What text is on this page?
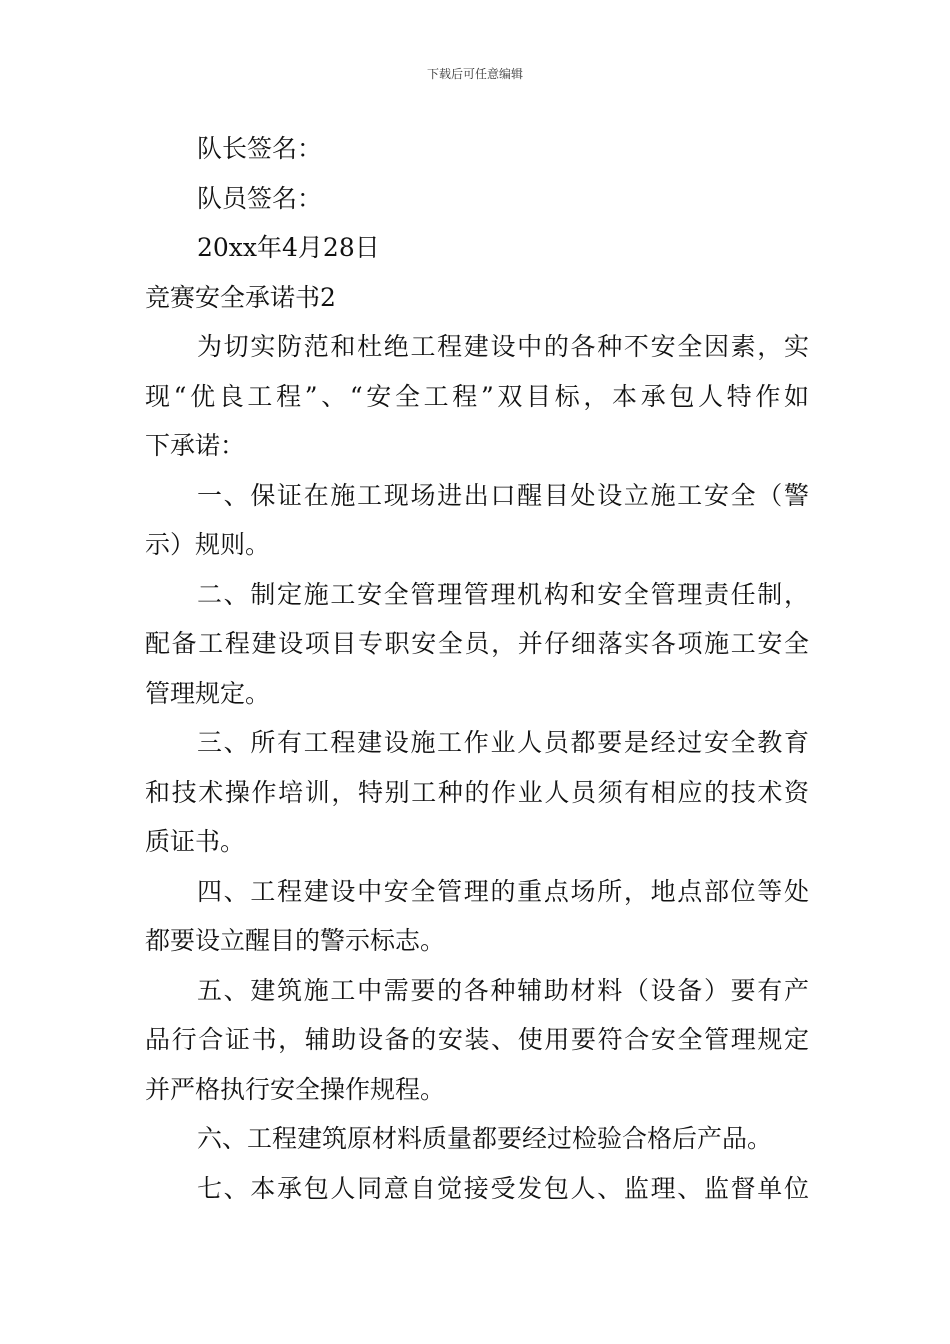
下载后可任意编辑
队长签名：
队员签名：
20xx年4月28日
竞赛安全承诺书2
为切实防范和杜绝工程建设中的各种不安全因素，实
现“优良工程”、“安全工程”双目标，本承包人特作如
下承诺：
一、保证在施工现场进出口醒目处设立施工安全（警
示）规则。
二、制定施工安全管理管理机构和安全管理责任制，
配备工程建设项目专职安全员，并仔细落实各项施工安全
管理规定。
三、所有工程建设施工作业人员都要是经过安全教育
和技术操作培训，特别工种的作业人员须有相应的技术资
质证书。
四、工程建设中安全管理的重点场所，地点部位等处
都要设立醒目的警示标志。
五、建筑施工中需要的各种辅助材料（设备）要有产
品行合证书，辅助设备的安装、使用要符合安全管理规定
并严格执行安全操作规程。
六、工程建筑原材料质量都要经过检验合格后产品。
七、本承包人同意自觉接受发包人、监理、监督单位
